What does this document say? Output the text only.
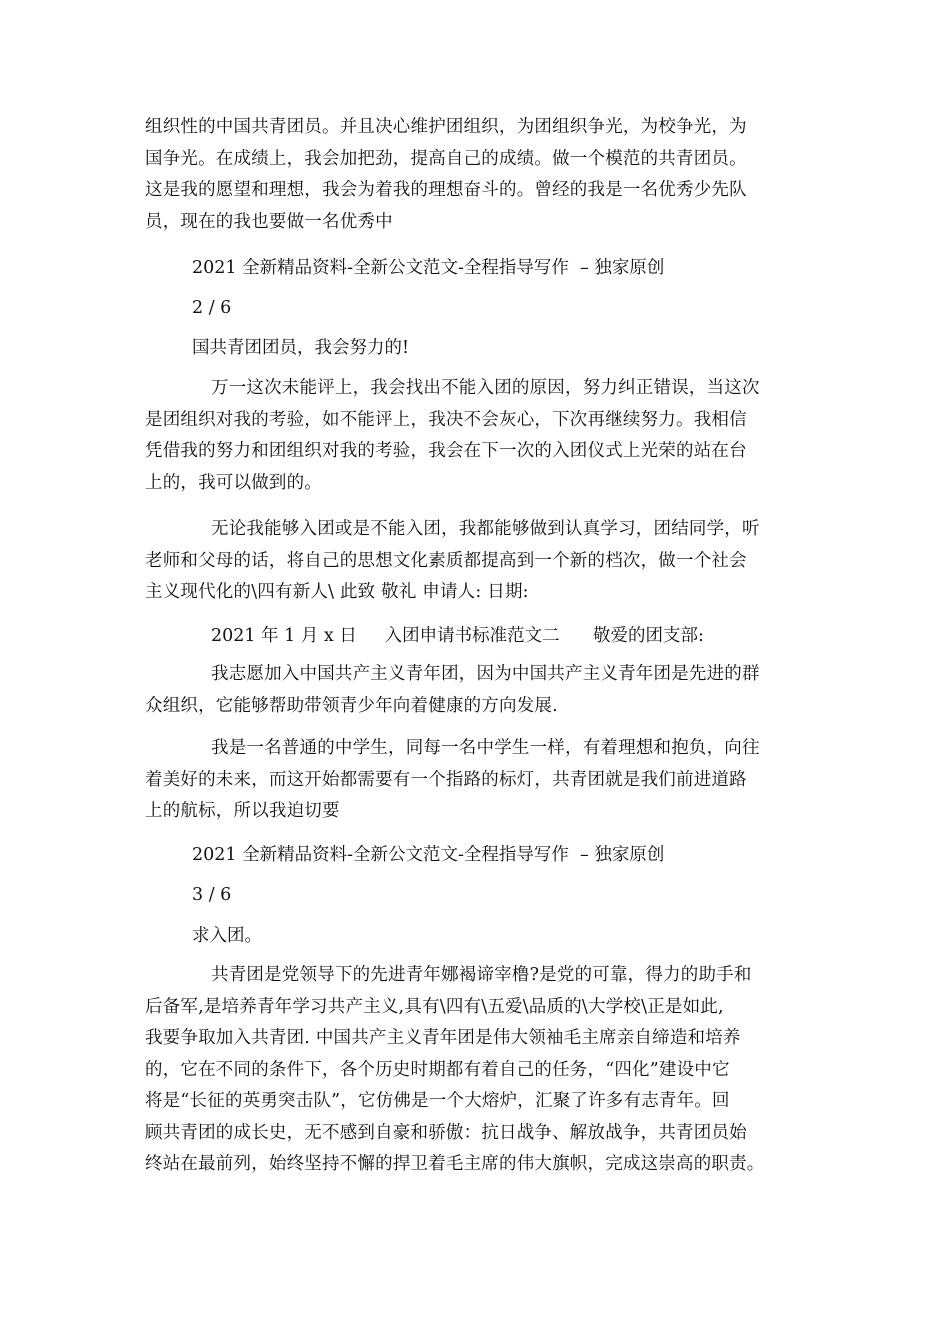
组织性的中国共青团员。并且决心维护团组织，为团组织争光，为校争光，为
国争光。在成绩上，我会加把劲，提高自己的成绩。做一个模范的共青团员。
这是我的愿望和理想，我会为着我的理想奋斗的。曾经的我是一名优秀少先队
员，现在的我也要做一名优秀中
2021 全新精品资料-全新公文范文-全程指导写作  – 独家原创
2 / 6
国共青团团员，我会努力的!
万一这次未能评上，我会找出不能入团的原因，努力纠正错误，当这次
是团组织对我的考验，如不能评上，我决不会灰心，下次再继续努力。我相信
凭借我的努力和团组织对我的考验，我会在下一次的入团仪式上光荣的站在台
上的，我可以做到的。
无论我能够入团或是不能入团，我都能够做到认真学习，团结同学，听
老师和父母的话，将自己的思想文化素质都提高到一个新的档次，做一个社会
主义现代化的\四有新人\ 此致 敬礼 申请人: 日期:
2021 年 1 月 x 日     入团申请书标准范文二      敬爱的团支部:
我志愿加入中国共产主义青年团，因为中国共产主义青年团是先进的群
众组织，它能够帮助带领青少年向着健康的方向发展.
我是一名普通的中学生，同每一名中学生一样，有着理想和抱负，向往
着美好的未来，而这开始都需要有一个指路的标灯，共青团就是我们前进道路
上的航标，所以我迫切要
2021 全新精品资料-全新公文范文-全程指导写作  – 独家原创
3 / 6
求入团。
共青团是党领导下的先进青年娜褐谛宰橹?是党的可靠，得力的助手和
后备军,是培养青年学习共产主义,具有\四有\五爱\品质的\大学校\正是如此,
我要争取加入共青团. 中国共产主义青年团是伟大领袖毛主席亲自缔造和培养
的，它在不同的条件下，各个历史时期都有着自己的任务，“四化”建设中它
将是“长征的英勇突击队”，它仿佛是一个大熔炉，汇聚了许多有志青年。回
顾共青团的成长史，无不感到自豪和骄傲：抗日战争、解放战争，共青团员始
终站在最前列，始终坚持不懈的捍卫着毛主席的伟大旗帜，完成这崇高的职责。
